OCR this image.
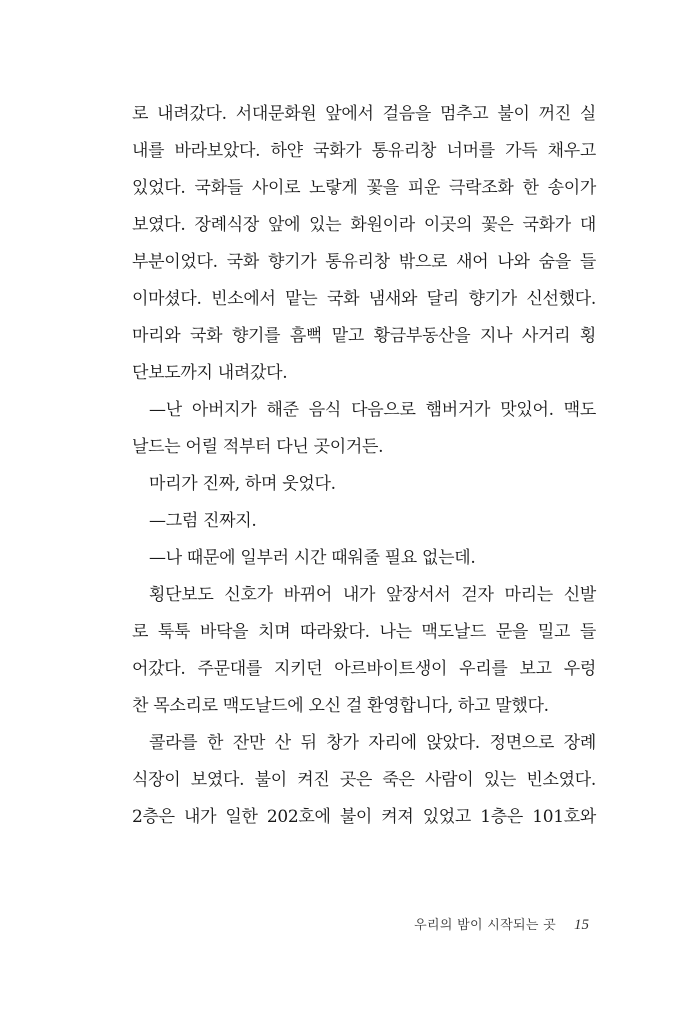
로 내려갔다. 서대문화원 앞에서 걸음을 멈추고 불이 꺼진 실
내를 바라보았다. 하얀 국화가 통유리창 너머를 가득 채우고
있었다. 국화들 사이로 노랗게 꽃을 피운 극락조화 한 송이가
보였다. 장례식장 앞에 있는 화원이라 이곳의 꽃은 국화가 대
부분이었다. 국화 향기가 통유리창 밖으로 새어 나와 숨을 들
이마셨다. 빈소에서 맡는 국화 냄새와 달리 향기가 신선했다.
마리와 국화 향기를 흠뻑 맡고 황금부동산을 지나 사거리 횡
단보도까지 내려갔다.
—난 아버지가 해준 음식 다음으로 햄버거가 맛있어. 맥도
날드는 어릴 적부터 다닌 곳이거든.
마리가 진짜, 하며 웃었다.
—그럼 진짜지.
—나 때문에 일부러 시간 때워줄 필요 없는데.
횡단보도 신호가 바뀌어 내가 앞장서서 걷자 마리는 신발
로 툭툭 바닥을 치며 따라왔다. 나는 맥도날드 문을 밀고 들
어갔다. 주문대를 지키던 아르바이트생이 우리를 보고 우렁
찬 목소리로 맥도날드에 오신 걸 환영합니다, 하고 말했다.
콜라를 한 잔만 산 뒤 창가 자리에 앉았다. 정면으로 장례
식장이 보였다. 불이 켜진 곳은 죽은 사람이 있는 빈소였다.
2층은 내가 일한 202호에 불이 켜져 있었고 1층은 101호와
우리의 밤이 시작되는 곳 15
